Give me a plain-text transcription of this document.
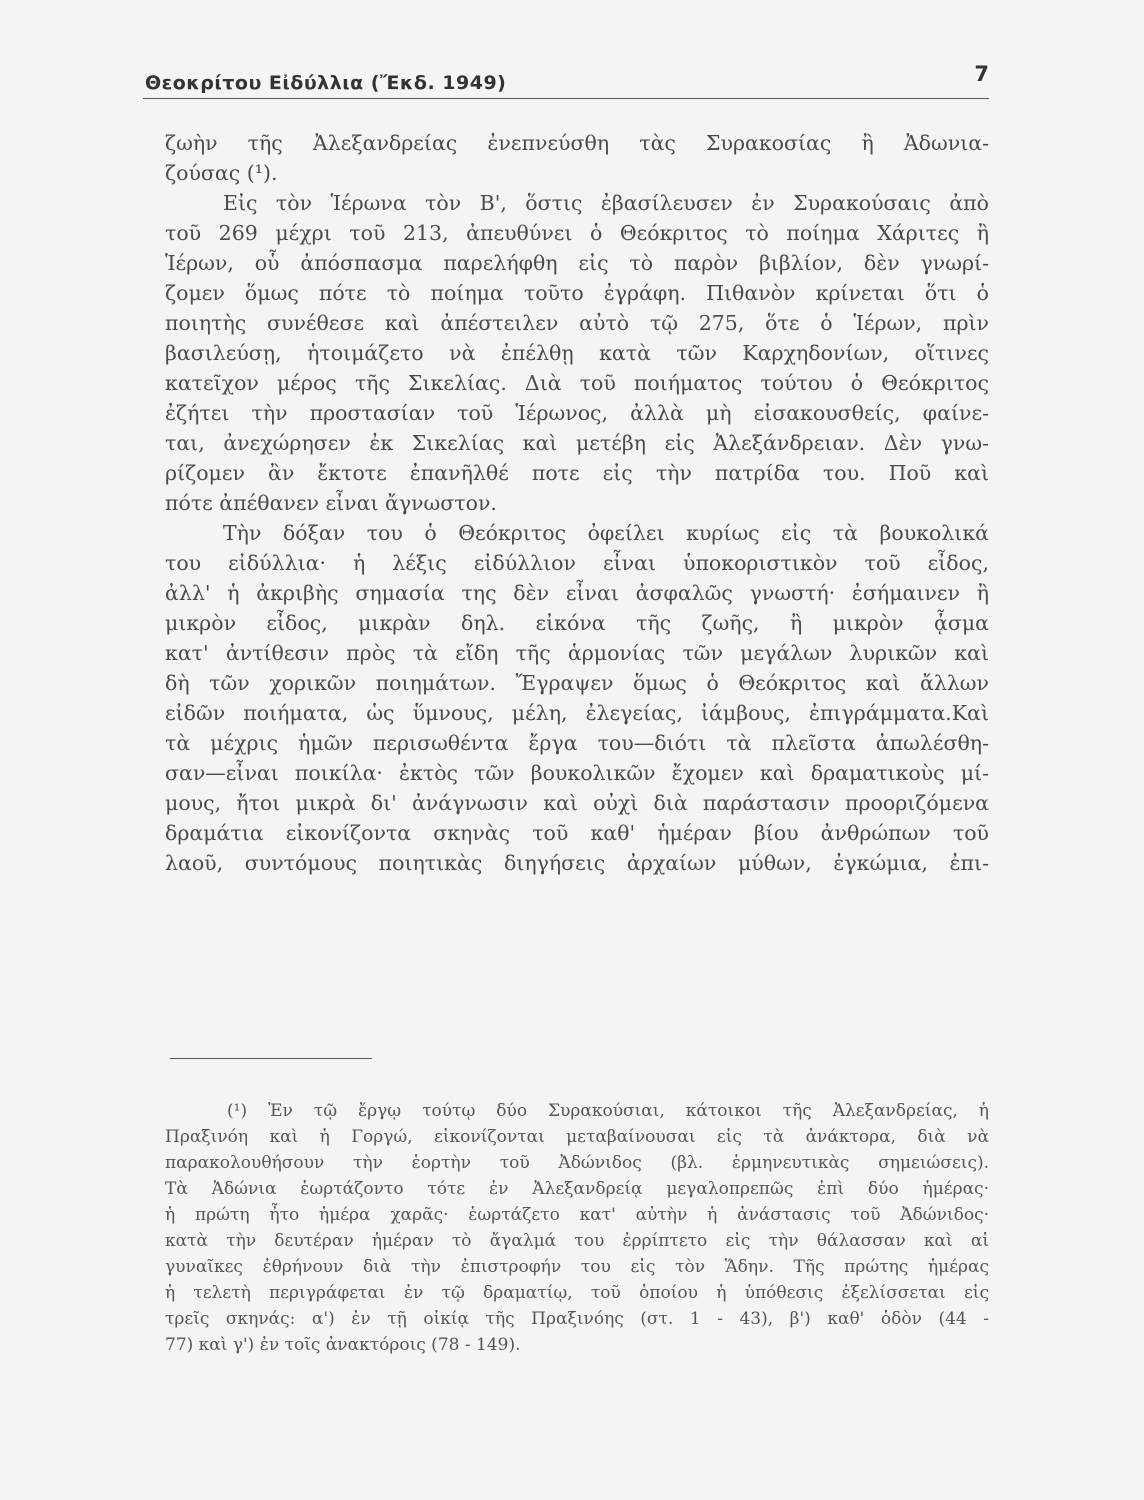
Θεοκρίτου Εἰδύλλια (Ἔκδ. 1949)	7

ζωὴν τῆς Ἀλεξανδρείας ἐνεπνεύσθη τὰς Συρακοσίας ἢ Ἀδωνια-
ζούσας (¹).

Εἰς τὸν Ἱέρωνα τὸν Β', ὅστις ἐβασίλευσεν ἐν Συρακούσαις ἀπὸ
τοῦ 269 μέχρι τοῦ 213, ἀπευθύνει ὁ Θεόκριτος τὸ ποίημα Χάριτες ἢ
Ἱέρων, οὗ ἀπόσπασμα παρελήφθη εἰς τὸ παρὸν βιβλίον, δὲν γνωρί-
ζομεν ὅμως πότε τὸ ποίημα τοῦτο ἐγράφη. Πιθανὸν κρίνεται ὅτι ὁ
ποιητὴς συνέθεσε καὶ ἀπέστειλεν αὐτὸ τῷ 275, ὅτε ὁ Ἱέρων, πρὶν
βασιλεύσῃ, ἡτοιμάζετο νὰ ἐπέλθῃ κατὰ τῶν Καρχηδονίων, οἵτινες
κατεῖχον μέρος τῆς Σικελίας. Διὰ τοῦ ποιήματος τούτου ὁ Θεόκριτος
ἐζήτει τὴν προστασίαν τοῦ Ἱέρωνος, ἀλλὰ μὴ εἰσακουσθείς, φαίνε-
ται, ἀνεχώρησεν ἐκ Σικελίας καὶ μετέβη εἰς Ἀλεξάνδρειαν. Δὲν γνω-
ρίζομεν ἂν ἔκτοτε ἐπανῆλθέ ποτε εἰς τὴν πατρίδα του. Ποῦ καὶ
πότε ἀπέθανεν εἶναι ἄγνωστον.

Τὴν δόξαν του ὁ Θεόκριτος ὀφείλει κυρίως εἰς τὰ βουκολικά
του εἰδύλλια· ἡ λέξις εἰδύλλιον εἶναι ὑποκοριστικὸν τοῦ εἶδος,
ἀλλ' ἡ ἀκριβὴς σημασία της δὲν εἶναι ἀσφαλῶς γνωστή· ἐσήμαινεν ἢ
μικρὸν εἶδος, μικρὰν δηλ. εἰκόνα τῆς ζωῆς, ἢ μικρὸν ᾆσμα
κατ' ἀντίθεσιν πρὸς τὰ εἴδη τῆς ἁρμονίας τῶν μεγάλων λυρικῶν καὶ
δὴ τῶν χορικῶν ποιημάτων. Ἔγραψεν ὅμως ὁ Θεόκριτος καὶ ἄλλων
εἰδῶν ποιήματα, ὡς ὕμνους, μέλη, ἐλεγείας, ἰάμβους, ἐπιγράμματα.Καὶ
τὰ μέχρις ἡμῶν περισωθέντα ἔργα του—διότι τὰ πλεῖστα ἀπωλέσθη-
σαν—εἶναι ποικίλα· ἐκτὸς τῶν βουκολικῶν ἔχομεν καὶ δραματικοὺς μί-
μους, ἤτοι μικρὰ δι' ἀνάγνωσιν καὶ οὐχὶ διὰ παράστασιν προοριζόμενα
δραμάτια εἰκονίζοντα σκηνὰς τοῦ καθ' ἡμέραν βίου ἀνθρώπων τοῦ
λαοῦ, συντόμους ποιητικὰς διηγήσεις ἀρχαίων μύθων, ἐγκώμια, ἐπι-

(¹) Ἐν τῷ ἔργῳ τούτῳ δύο Συρακούσιαι, κάτοικοι τῆς Ἀλεξανδρείας, ἡ
Πραξινόη καὶ ἡ Γοργώ, εἰκονίζονται μεταβαίνουσαι εἰς τὰ ἀνάκτορα, διὰ νὰ
παρακολουθήσουν τὴν ἑορτὴν τοῦ Ἀδώνιδος (βλ. ἑρμηνευτικὰς σημειώσεις).
Τὰ Ἀδώνια ἑωρτάζοντο τότε ἐν Ἀλεξανδρείᾳ μεγαλοπρεπῶς ἐπὶ δύο ἡμέρας·
ἡ πρώτη ἦτο ἡμέρα χαρᾶς· ἑωρτάζετο κατ' αὐτὴν ἡ ἀνάστασις τοῦ Ἀδώνιδος·
κατὰ τὴν δευτέραν ἡμέραν τὸ ἄγαλμά του ἐρρίπτετο εἰς τὴν θάλασσαν καὶ αἱ
γυναῖκες ἐθρήνουν διὰ τὴν ἐπιστροφήν του εἰς τὸν Ἅδην. Τῆς πρώτης ἡμέρας
ἡ τελετὴ περιγράφεται ἐν τῷ δραματίῳ, τοῦ ὁποίου ἡ ὑπόθεσις ἐξελίσσεται εἰς
τρεῖς σκηνάς: α') ἐν τῇ οἰκίᾳ τῆς Πραξινόης (στ. 1 - 43), β') καθ' ὁδὸν (44 -
77) καὶ γ') ἐν τοῖς ἀνακτόροις (78 - 149).
